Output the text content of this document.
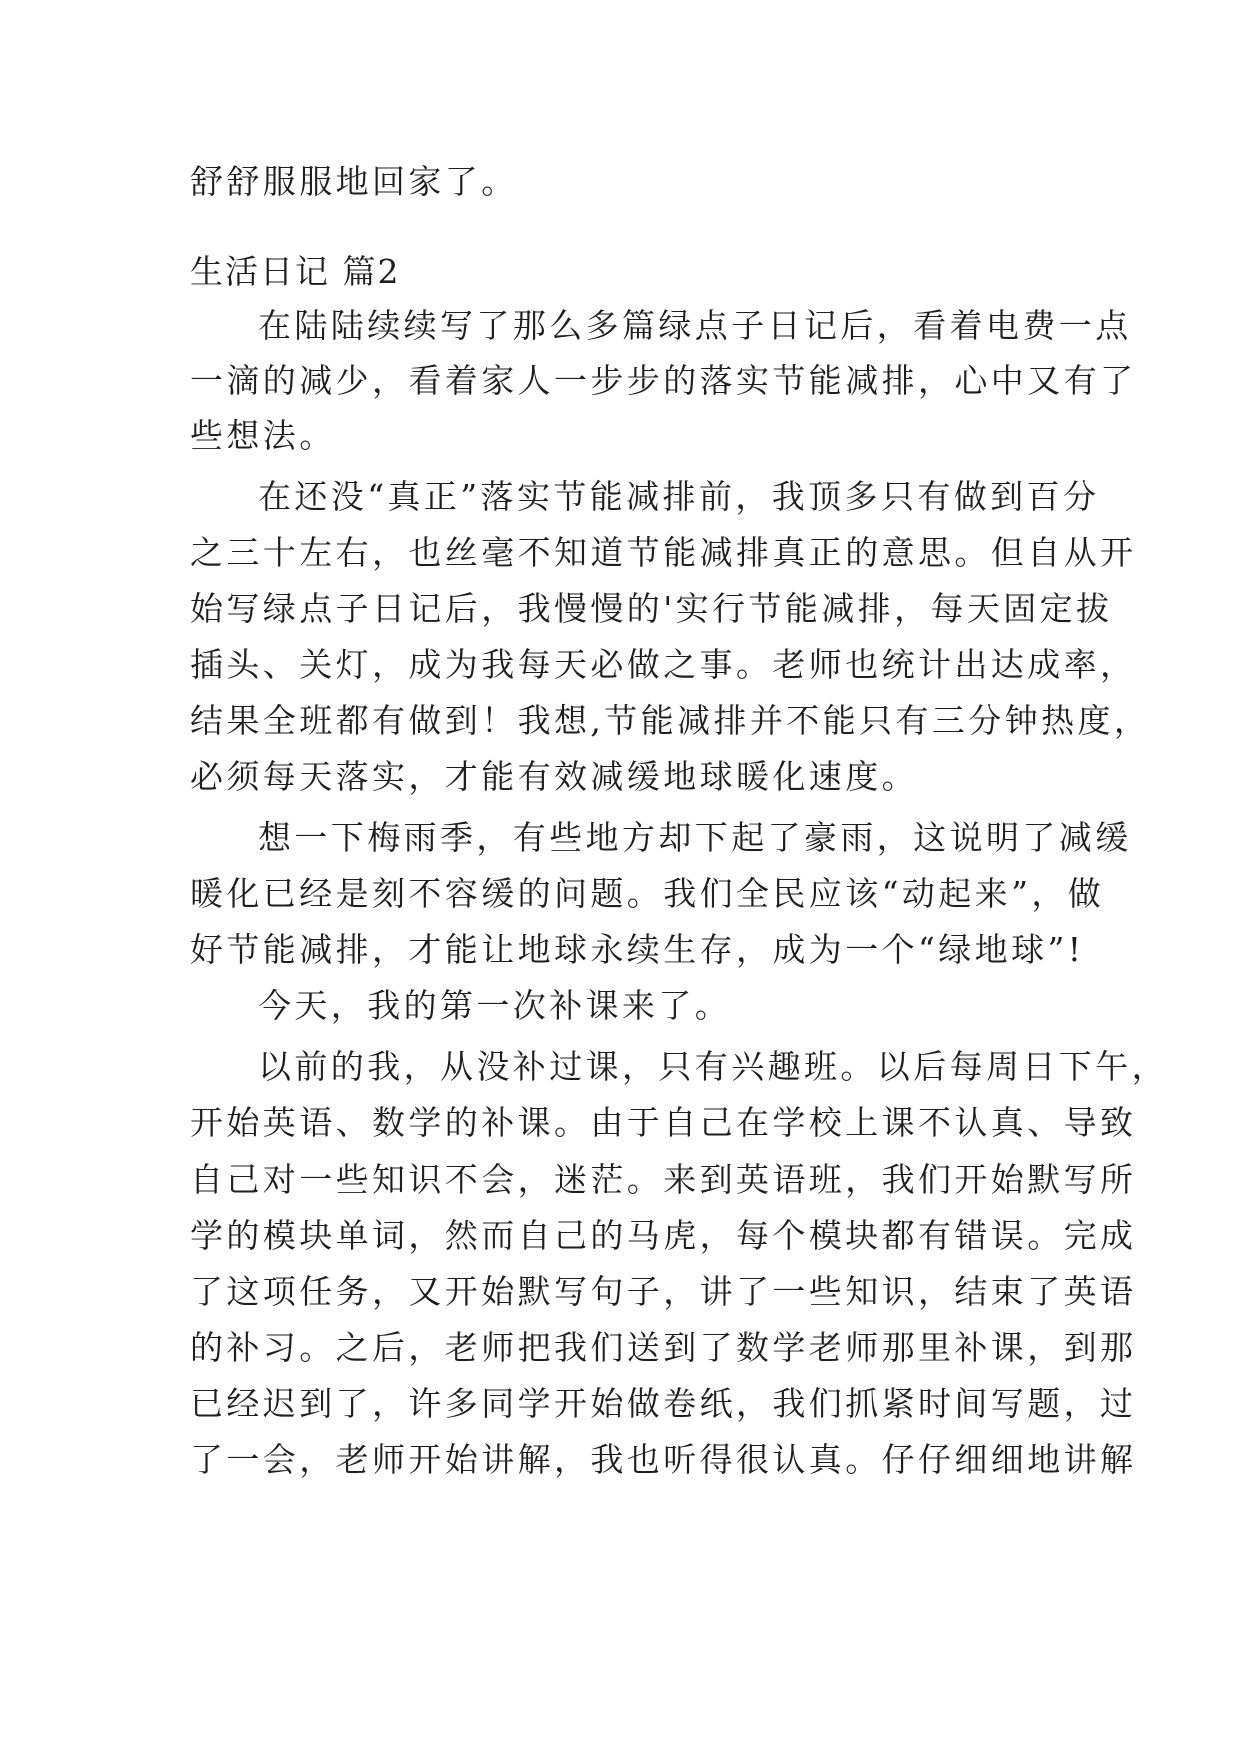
舒舒服服地回家了。

生活日记 篇2

在陆陆续续写了那么多篇绿点子日记后，看着电费一点

一滴的减少，看着家人一步步的落实节能减排，心中又有了

些想法。

在还没“真正”落实节能减排前，我顶多只有做到百分

之三十左右，也丝毫不知道节能减排真正的意思。但自从开

始写绿点子日记后，我慢慢的'实行节能减排，每天固定拔

插头、关灯，成为我每天必做之事。老师也统计出达成率，

结果全班都有做到！我想,节能减排并不能只有三分钟热度，

必须每天落实，才能有效减缓地球暖化速度。

想一下梅雨季，有些地方却下起了豪雨，这说明了减缓

暖化已经是刻不容缓的问题。我们全民应该“动起来”，做

好节能减排，才能让地球永续生存，成为一个“绿地球”!

今天，我的第一次补课来了。

以前的我，从没补过课，只有兴趣班。以后每周日下午，

开始英语、数学的补课。由于自己在学校上课不认真、导致

自己对一些知识不会，迷茫。来到英语班，我们开始默写所

学的模块单词，然而自己的马虎，每个模块都有错误。完成

了这项任务，又开始默写句子，讲了一些知识，结束了英语

的补习。之后，老师把我们送到了数学老师那里补课，到那

已经迟到了，许多同学开始做卷纸，我们抓紧时间写题，过

了一会，老师开始讲解，我也听得很认真。仔仔细细地讲解
